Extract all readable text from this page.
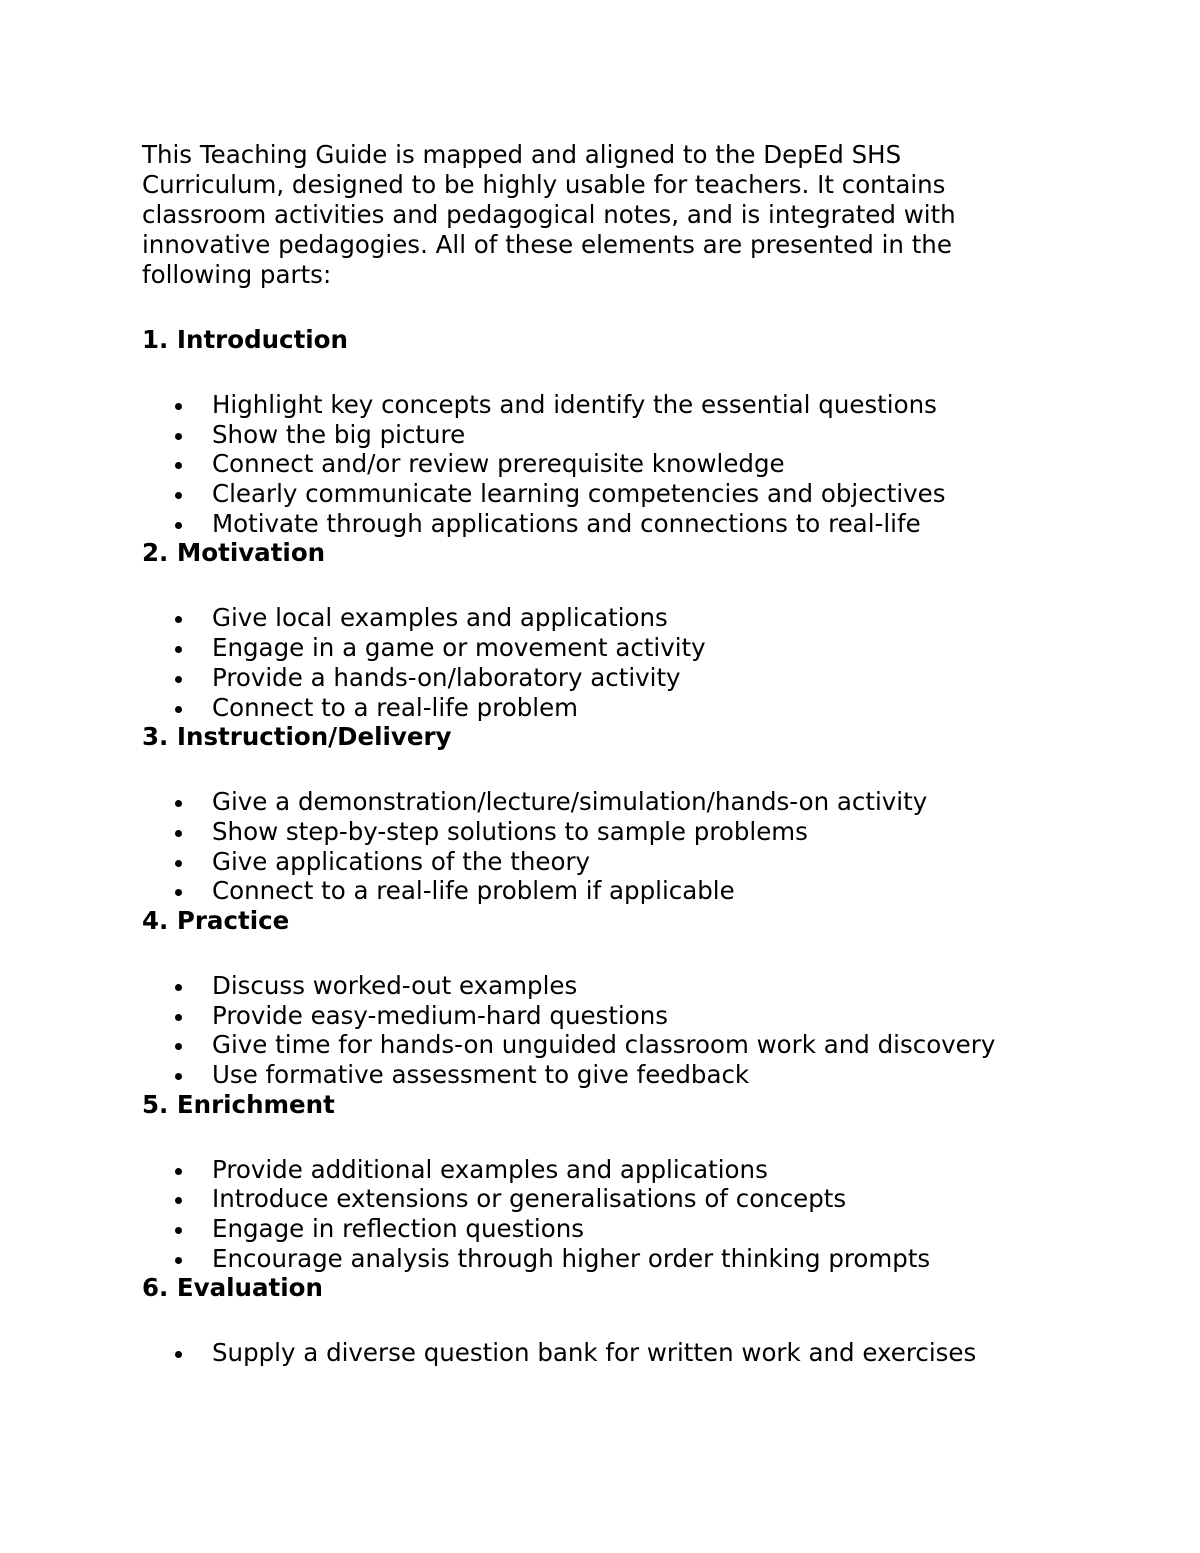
This Teaching Guide is mapped and aligned to the DepEd SHS
Curriculum, designed to be highly usable for teachers. It contains
classroom activities and pedagogical notes, and is integrated with
innovative pedagogies. All of these elements are presented in the
following parts:
1. Introduction
Highlight key concepts and identify the essential questions
Show the big picture
Connect and/or review prerequisite knowledge
Clearly communicate learning competencies and objectives
Motivate through applications and connections to real-life
2. Motivation
Give local examples and applications
Engage in a game or movement activity
Provide a hands-on/laboratory activity
Connect to a real-life problem
3. Instruction/Delivery
Give a demonstration/lecture/simulation/hands-on activity
Show step-by-step solutions to sample problems
Give applications of the theory
Connect to a real-life problem if applicable
4. Practice
Discuss worked-out examples
Provide easy-medium-hard questions
Give time for hands-on unguided classroom work and discovery
Use formative assessment to give feedback
5. Enrichment
Provide additional examples and applications
Introduce extensions or generalisations of concepts
Engage in reflection questions
Encourage analysis through higher order thinking prompts
6. Evaluation
Supply a diverse question bank for written work and exercises
